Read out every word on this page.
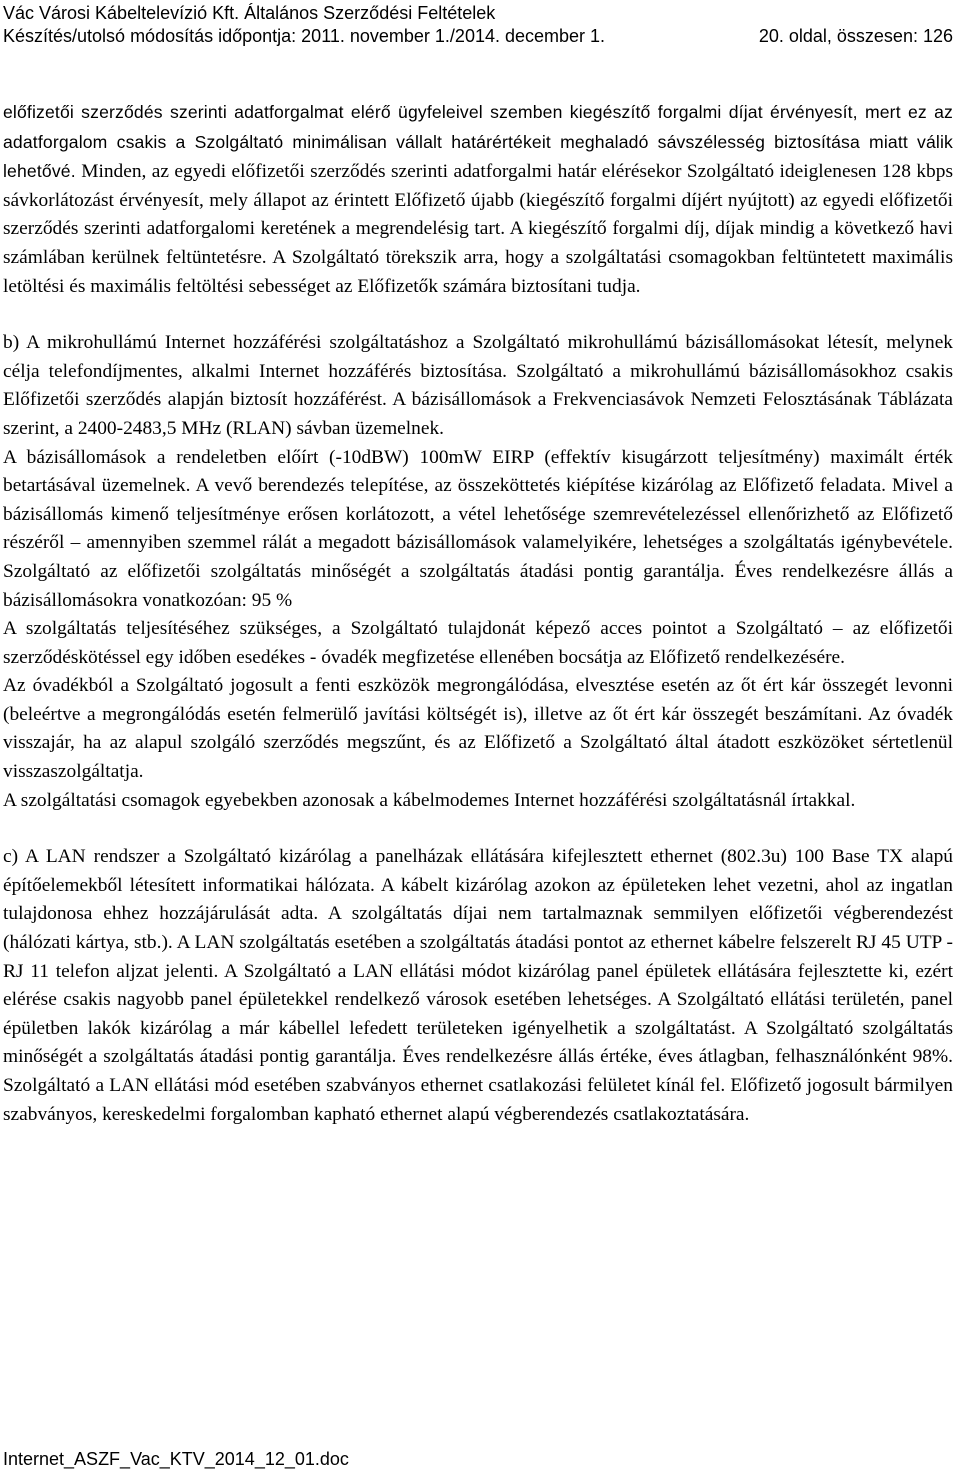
Vác Városi Kábeltelevízió Kft. Általános Szerződési Feltételek
Készítés/utolsó módosítás időpontja: 2011. november 1./2014. december 1.	20. oldal, összesen: 126

előfizetői szerződés szerinti adatforgalmat elérő ügyfeleivel szemben kiegészítő forgalmi díjat érvényesít, mert ez az adatforgalom csakis a Szolgáltató minimálisan vállalt határértékeit meghaladó sávszélesség biztosítása miatt válik lehetővé. Minden, az egyedi előfizetői szerződés szerinti adatforgalmi határ elérésekor Szolgáltató ideiglenesen 128 kbps sávkorlátozást érvényesít, mely állapot az érintett Előfizető újabb (kiegészítő forgalmi díjért nyújtott) az egyedi előfizetői szerződés szerinti adatforgalomi keretének a megrendelésig tart. A kiegészítő forgalmi díj, díjak mindig a következő havi számlában kerülnek feltüntetésre. A Szolgáltató törekszik arra, hogy a szolgáltatási csomagokban feltüntetett maximális letöltési és maximális feltöltési sebességet az Előfizetők számára biztosítani tudja.

b) A mikrohullámú Internet hozzáférési szolgáltatáshoz a Szolgáltató mikrohullámú bázisállomásokat létesít, melynek célja telefondíjmentes, alkalmi Internet hozzáférés biztosítása. Szolgáltató a mikrohullámú bázisállomásokhoz csakis Előfizetői szerződés alapján biztosít hozzáférést. A bázisállomások a Frekvenciasávok Nemzeti Felosztásának Táblázata szerint, a 2400-2483,5 MHz (RLAN) sávban üzemelnek.

A bázisállomások a rendeletben előírt (-10dBW) 100mW EIRP (effektív kisugárzott teljesítmény) maximált érték betartásával üzemelnek. A vevő berendezés telepítése, az összeköttetés kiépítése kizárólag az Előfizető feladata. Mivel a bázisállomás kimenő teljesítménye erősen korlátozott, a vétel lehetősége szemrevételezéssel ellenőrizhető az Előfizető részéről – amennyiben szemmel rálát a megadott bázisállomások valamelyikére, lehetséges a szolgáltatás igénybevétele. Szolgáltató az előfizetői szolgáltatás minőségét a szolgáltatás átadási pontig garantálja. Éves rendelkezésre állás a bázisállomásokra vonatkozóan: 95 %

A szolgáltatás teljesítéséhez szükséges, a Szolgáltató tulajdonát képező acces pointot a Szolgáltató – az előfizetői szerződéskötéssel egy időben esedékes - óvadék megfizetése ellenében bocsátja az Előfizető rendelkezésére.

Az óvadékból a Szolgáltató jogosult a fenti eszközök megrongálódása, elvesztése esetén az őt ért kár összegét levonni (beleértve a megrongálódás esetén felmerülő javítási költségét is), illetve az őt ért kár összegét beszámítani. Az óvadék visszajár, ha az alapul szolgáló szerződés megszűnt, és az Előfizető a Szolgáltató által átadott eszközöket sértetlenül visszaszolgáltatja.

A szolgáltatási csomagok egyebekben azonosak a kábelmodemes Internet hozzáférési szolgáltatásnál írtakkal.

c) A LAN rendszer a Szolgáltató kizárólag a panelházak ellátására kifejlesztett ethernet (802.3u) 100 Base TX alapú építőelemekből létesített informatikai hálózata. A kábelt kizárólag azokon az épületeken lehet vezetni, ahol az ingatlan tulajdonosa ehhez hozzájárulását adta. A szolgáltatás díjai nem tartalmaznak semmilyen előfizetői végberendezést (hálózati kártya, stb.). A LAN szolgáltatás esetében a szolgáltatás átadási pontot az ethernet kábelre felszerelt RJ 45 UTP - RJ 11 telefon aljzat jelenti. A Szolgáltató a LAN ellátási módot kizárólag panel épületek ellátására fejlesztette ki, ezért elérése csakis nagyobb panel épületekkel rendelkező városok esetében lehetséges. A Szolgáltató ellátási területén, panel épületben lakók kizárólag a már kábellel lefedett területeken igényelhetik a szolgáltatást. A Szolgáltató szolgáltatás minőségét a szolgáltatás átadási pontig garantálja. Éves rendelkezésre állás értéke, éves átlagban, felhasználónként 98%. Szolgáltató a LAN ellátási mód esetében szabványos ethernet csatlakozási felületet kínál fel. Előfizető jogosult bármilyen szabványos, kereskedelmi forgalomban kapható ethernet alapú végberendezés csatlakoztatására.

Internet_ASZF_Vac_KTV_2014_12_01.doc
